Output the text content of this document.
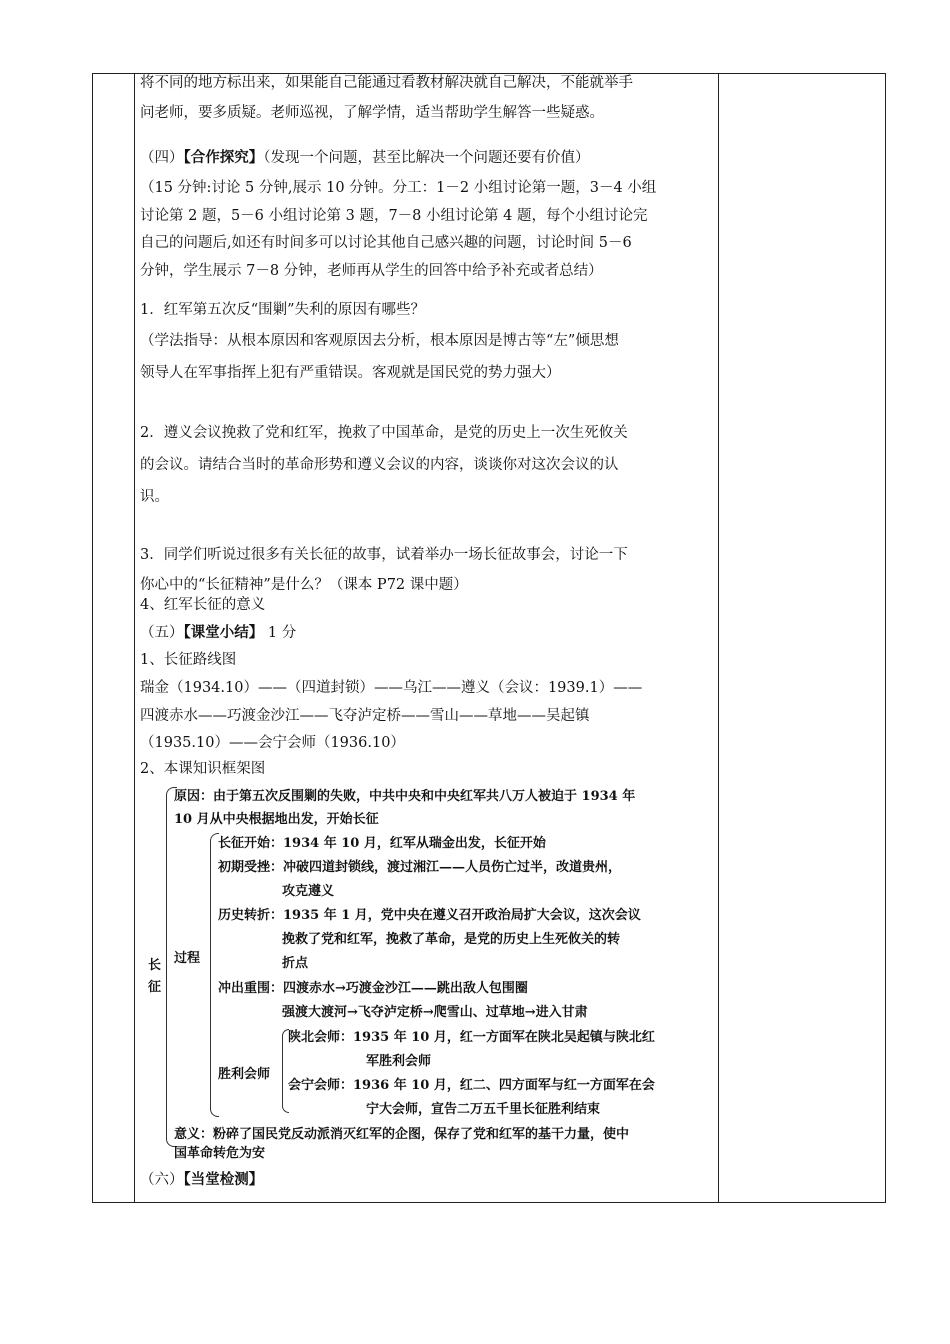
将不同的地方标出来，如果能自己能通过看教材解决就自己解决，不能就举手
问老师，要多质疑。老师巡视，了解学情，适当帮助学生解答一些疑惑。
（四）【合作探究】（发现一个问题，甚至比解决一个问题还要有价值）
（15 分钟:讨论 5 分钟,展示 10 分钟。分工：1－2 小组讨论第一题，3－4 小组
讨论第 2 题，5－6 小组讨论第 3 题，7－8 小组讨论第 4 题，每个小组讨论完
自己的问题后,如还有时间多可以讨论其他自己感兴趣的问题，讨论时间 5－6
分钟，学生展示 7－8 分钟，老师再从学生的回答中给予补充或者总结）
1．红军第五次反“围剿”失利的原因有哪些？
（学法指导：从根本原因和客观原因去分析，根本原因是博古等“左”倾思想
领导人在军事指挥上犯有严重错误。客观就是国民党的势力强大）
2．遵义会议挽救了党和红军，挽救了中国革命，是党的历史上一次生死攸关
的会议。请结合当时的革命形势和遵义会议的内容，谈谈你对这次会议的认
识。
3．同学们听说过很多有关长征的故事，试着举办一场长征故事会，讨论一下
你心中的“长征精神”是什么？（课本 P72 课中题）
4、红军长征的意义
（五）【课堂小结】 1 分
1、长征路线图
瑞金（1934.10）——（四道封锁）——乌江——遵义（会议：1939.1）——
四渡赤水——巧渡金沙江——飞夺泸定桥——雪山——草地——吴起镇
（1935.10）——会宁会师（1936.10）
2、本课知识框架图
（六）【当堂检测】
长征
原因：由于第五次反围剿的失败，中共中央和中央红军共八万人被迫于 1934 年
10 月从中央根据地出发，开始长征
过程
长征开始：1934 年 10 月，红军从瑞金出发，长征开始
初期受挫：冲破四道封锁线，渡过湘江——人员伤亡过半，改道贵州，
攻克遵义
历史转折：1935 年 1 月，党中央在遵义召开政治局扩大会议，这次会议
挽救了党和红军，挽救了革命，是党的历史上生死攸关的转
折点
冲出重围：四渡赤水→巧渡金沙江——跳出敌人包围圈
强渡大渡河→飞夺泸定桥→爬雪山、过草地→进入甘肃
胜利会师
陕北会师：1935 年 10 月，红一方面军在陕北吴起镇与陕北红
军胜利会师
会宁会师：1936 年 10 月，红二、四方面军与红一方面军在会
宁大会师，宣告二万五千里长征胜利结束
意义：粉碎了国民党反动派消灭红军的企图，保存了党和红军的基干力量，使中
国革命转危为安
